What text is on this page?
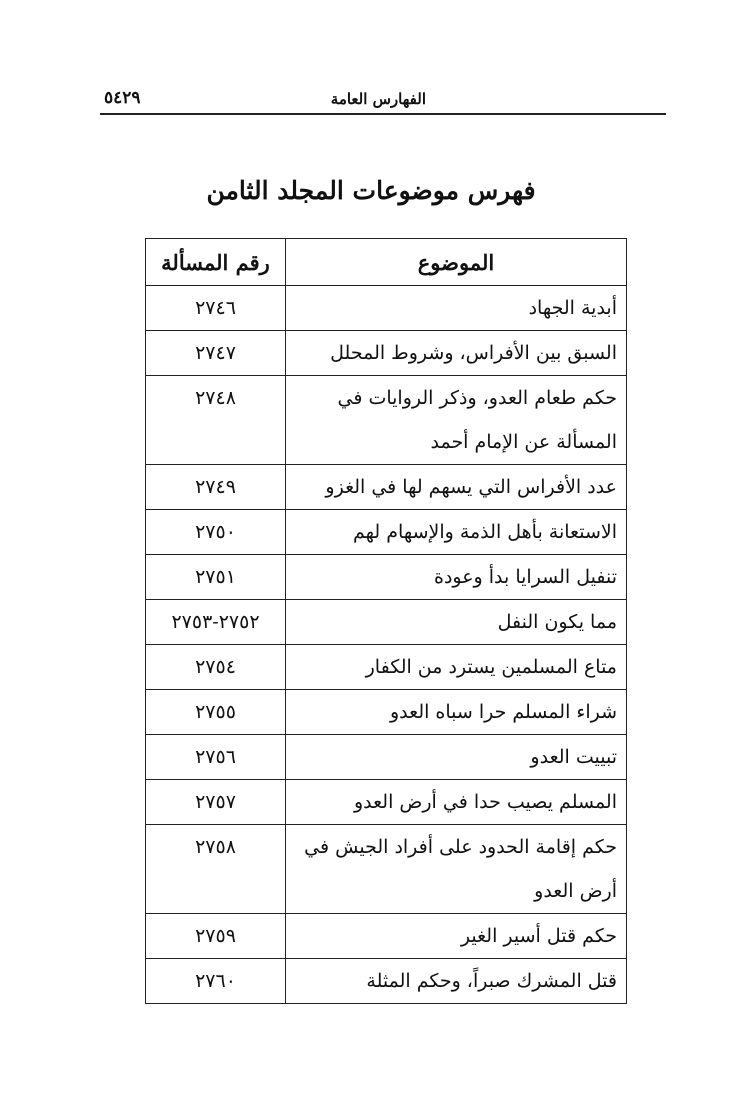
الفهارس العامة
٥٤٢٩
فهرس موضوعات المجلد الثامن
الموضوع	رقم المسألة
أبدية الجهاد	٢٧٤٦
السبق بين الأفراس، وشروط المحلل	٢٧٤٧
حكم طعام العدو، وذكر الروايات في المسألة عن الإمام أحمد	٢٧٤٨
عدد الأفراس التي يسهم لها في الغزو	٢٧٤٩
الاستعانة بأهل الذمة والإسهام لهم	٢٧٥٠
تنفيل السرايا بدأ وعودة	٢٧٥١
مما يكون النفل	٢٧٥٢-٢٧٥٣
متاع المسلمين يسترد من الكفار	٢٧٥٤
شراء المسلم حرا سباه العدو	٢٧٥٥
تبييت العدو	٢٧٥٦
المسلم يصيب حدا في أرض العدو	٢٧٥٧
حكم إقامة الحدود على أفراد الجيش في أرض العدو	٢٧٥٨
حكم قتل أسير الغير	٢٧٥٩
قتل المشرك صبراً، وحكم المثلة	٢٧٦٠
